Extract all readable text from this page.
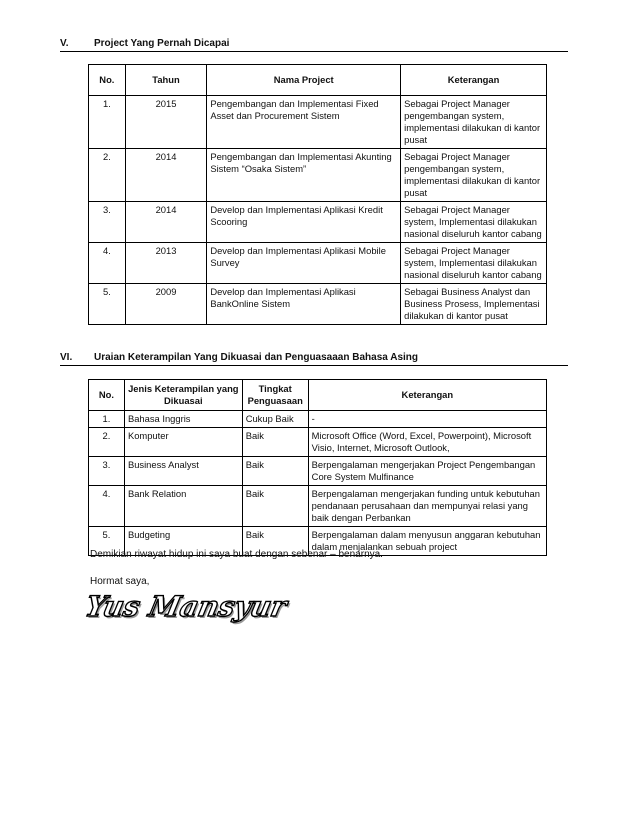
V.	Project Yang Pernah Dicapai
No.	Tahun	Nama Project	Keterangan
1.	2015	Pengembangan dan Implementasi Fixed Asset dan Procurement Sistem	Sebagai Project Manager pengembangan system, implementasi dilakukan di kantor pusat
2.	2014	Pengembangan dan Implementasi Akunting Sistem “Osaka Sistem”	Sebagai Project Manager pengembangan system, implementasi dilakukan di kantor pusat
3.	2014	Develop dan Implementasi Aplikasi Kredit Scooring	Sebagai Project Manager system, Implementasi dilakukan nasional diseluruh kantor cabang
4.	2013	Develop dan Implementasi Aplikasi Mobile Survey	Sebagai Project Manager system, Implementasi dilakukan nasional diseluruh kantor cabang
5.	2009	Develop dan Implementasi Aplikasi BankOnline Sistem	Sebagai Business Analyst dan Business Prosess, Implementasi dilakukan di kantor pusat
VI. Uraian Keterampilan Yang Dikuasai dan Penguasaaan Bahasa Asing
No.	Jenis Keterampilan yang Dikuasai	Tingkat Penguasaan	Keterangan
1.	Bahasa Inggris	Cukup Baik	-
2.	Komputer	Baik	Microsoft Office (Word, Excel, Powerpoint), Microsoft Visio, Internet, Microsoft Outlook,
3.	Business Analyst	Baik	Berpengalaman mengerjakan Project Pengembangan Core System Mulfinance
4.	Bank Relation	Baik	Berpengalaman mengerjakan funding untuk kebutuhan pendanaan perusahaan dan mempunyai relasi yang baik dengan Perbankan
5.	Budgeting	Baik	Berpengalaman dalam menyusun anggaran kebutuhan dalam menjalankan sebuah project
Demikian riwayat hidup ini saya buat dengan sebenar – benarnya.
Hormat saya,
Yus Mansyur
